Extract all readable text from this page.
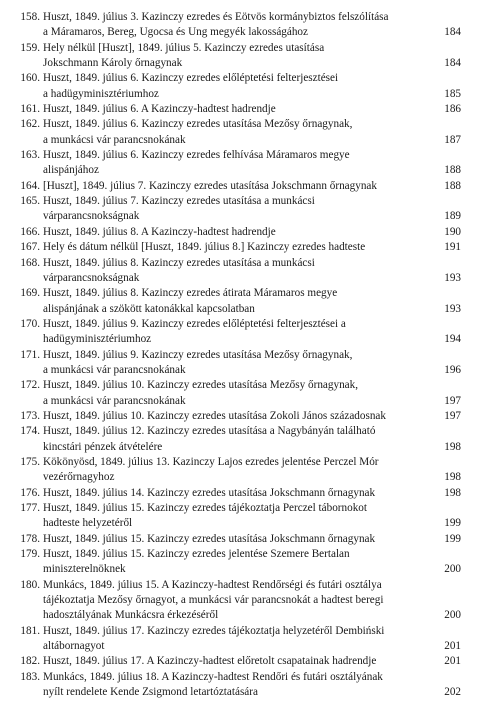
158. Huszt, 1849. július 3. Kazinczy ezredes és Eötvös kormánybiztos felszólítása
a Máramaros, Bereg, Ugocsa és Ung megyék lakosságához	184
159. Hely nélkül [Huszt], 1849. július 5. Kazinczy ezredes utasítása
Jokschmann Károly őrnagynak	184
160. Huszt, 1849. július 6. Kazinczy ezredes előléptetési felterjesztései
a hadügyminisztériumhoz	185
161. Huszt, 1849. július 6. A Kazinczy-hadtest hadrendje	186
162. Huszt, 1849. július 6. Kazinczy ezredes utasítása Mezősy őrnagynak,
a munkácsi vár parancsnokának	187
163. Huszt, 1849. július 6. Kazinczy ezredes felhívása Máramaros megye
alispánjához	188
164. [Huszt], 1849. július 7. Kazinczy ezredes utasítása Jokschmann őrnagynak	188
165. Huszt, 1849. július 7. Kazinczy ezredes utasítása a munkácsi
várparancsnokságnak	189
166. Huszt, 1849. július 8. A Kazinczy-hadtest hadrendje	190
167. Hely és dátum nélkül [Huszt, 1849. július 8.] Kazinczy ezredes hadteste	191
168. Huszt, 1849. július 8. Kazinczy ezredes utasítása a munkácsi
várparancsnokságnak	193
169. Huszt, 1849. július 8. Kazinczy ezredes átirata Máramaros megye
alispánjának a szökött katonákkal kapcsolatban	193
170. Huszt, 1849. július 9. Kazinczy ezredes előléptetési felterjesztései a
hadügyminisztériumhoz	194
171. Huszt, 1849. július 9. Kazinczy ezredes utasítása Mezősy őrnagynak,
a munkácsi vár parancsnokának	196
172. Huszt, 1849. július 10. Kazinczy ezredes utasítása Mezősy őrnagynak,
a munkácsi vár parancsnokának	197
173. Huszt, 1849. július 10. Kazinczy ezredes utasítása Zokoli János századosnak	197
174. Huszt, 1849. július 12. Kazinczy ezredes utasítása a Nagybányán található
kincstári pénzek átvételére	198
175. Kökönyösd, 1849. július 13. Kazinczy Lajos ezredes jelentése Perczel Mór
vezérőrnagyhoz	198
176. Huszt, 1849. július 14. Kazinczy ezredes utasítása Jokschmann őrnagynak	198
177. Huszt, 1849. július 15. Kazinczy ezredes tájékoztatja Perczel tábornokot
hadteste helyzetéről	199
178. Huszt, 1849. július 15. Kazinczy ezredes utasítása Jokschmann őrnagynak	199
179. Huszt, 1849. július 15. Kazinczy ezredes jelentése Szemere Bertalan
miniszterelnöknek	200
180. Munkács, 1849. július 15. A Kazinczy-hadtest Rendőrségi és futári osztálya
tájékoztatja Mezősy őrnagyot, a munkácsi vár parancsnokát a hadtest beregi
hadosztályának Munkácsra érkezéséről	200
181. Huszt, 1849. július 17. Kazinczy ezredes tájékoztatja helyzetéről Dembiński
altábornagyot	201
182. Huszt, 1849. július 17. A Kazinczy-hadtest előretolt csapatainak hadrendje	201
183. Munkács, 1849. július 18. A Kazinczy-hadtest Rendőri és futári osztályának
nyílt rendelete Kende Zsigmond letartóztatására	202
